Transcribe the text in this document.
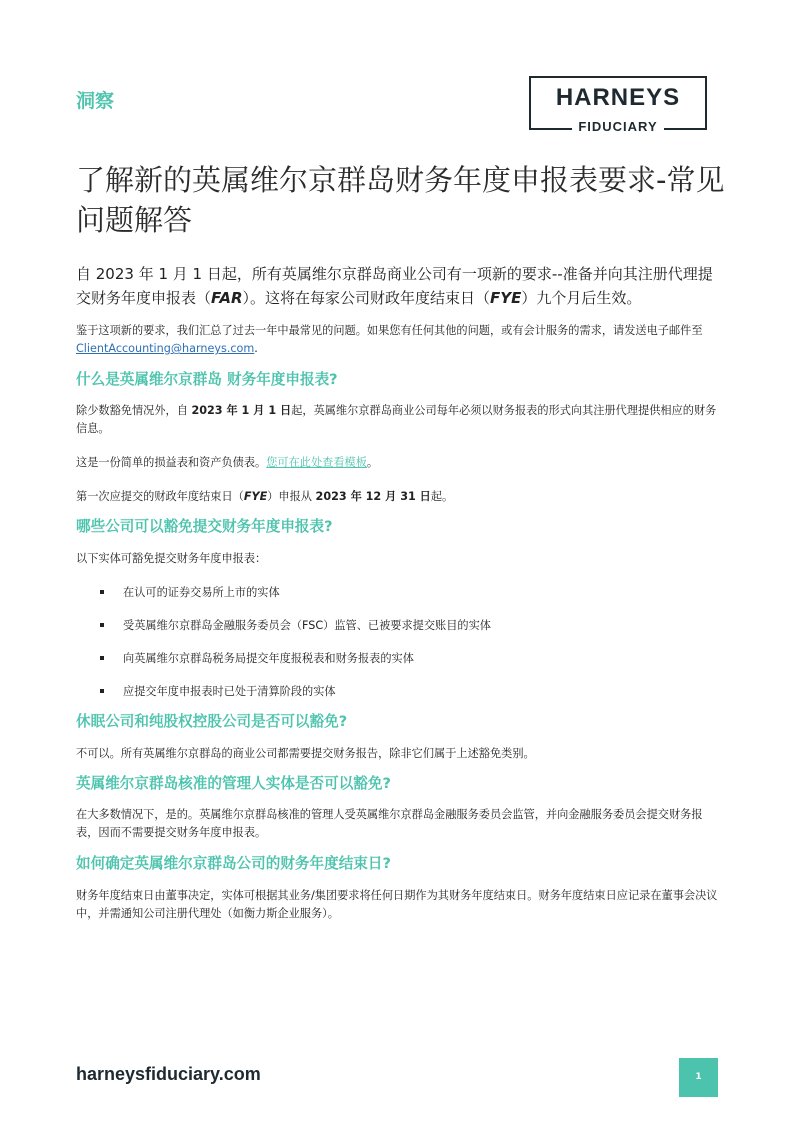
洞察	HARNEYS
FIDUCIARY
了解新的英属维尔京群岛财务年度申报表要求-常见问题解答

自 2023 年 1 月 1 日起，所有英属维尔京群岛商业公司有一项新的要求--准备并向其注册代理提交财务年度申报表（FAR）。这将在每家公司财政年度结束日（FYE）九个月后生效。

鉴于这项新的要求，我们汇总了过去一年中最常见的问题。如果您有任何其他的问题，或有会计服务的需求，请发送电子邮件至 ClientAccounting@harneys.com.

什么是英属维尔京群岛 财务年度申报表?

除少数豁免情况外，自 2023 年 1 月 1 日起，英属维尔京群岛商业公司每年必须以财务报表的形式向其注册代理提供相应的财务信息。

这是一份简单的损益表和资产负债表。您可在此处查看模板。

第一次应提交的财政年度结束日（FYE）申报从 2023 年 12 月 31 日起。

哪些公司可以豁免提交财务年度申报表?

以下实体可豁免提交财务年度申报表：

在认可的证券交易所上市的实体
受英属维尔京群岛金融服务委员会（FSC）监管、已被要求提交账目的实体
向英属维尔京群岛税务局提交年度报税表和财务报表的实体
应提交年度申报表时已处于清算阶段的实体
休眠公司和纯股权控股公司是否可以豁免?

不可以。所有英属维尔京群岛的商业公司都需要提交财务报告，除非它们属于上述豁免类别。

英属维尔京群岛核准的管理人实体是否可以豁免?

在大多数情况下，是的。英属维尔京群岛核准的管理人受英属维尔京群岛金融服务委员会监管，并向金融服务委员会提交财务报表，因而不需要提交财务年度申报表。

如何确定英属维尔京群岛公司的财务年度结束日?

财务年度结束日由董事决定，实体可根据其业务/集团要求将任何日期作为其财务年度结束日。财务年度结束日应记录在董事会决议中，并需通知公司注册代理处（如衡力斯企业服务）。

harneysfiduciary.com	1
